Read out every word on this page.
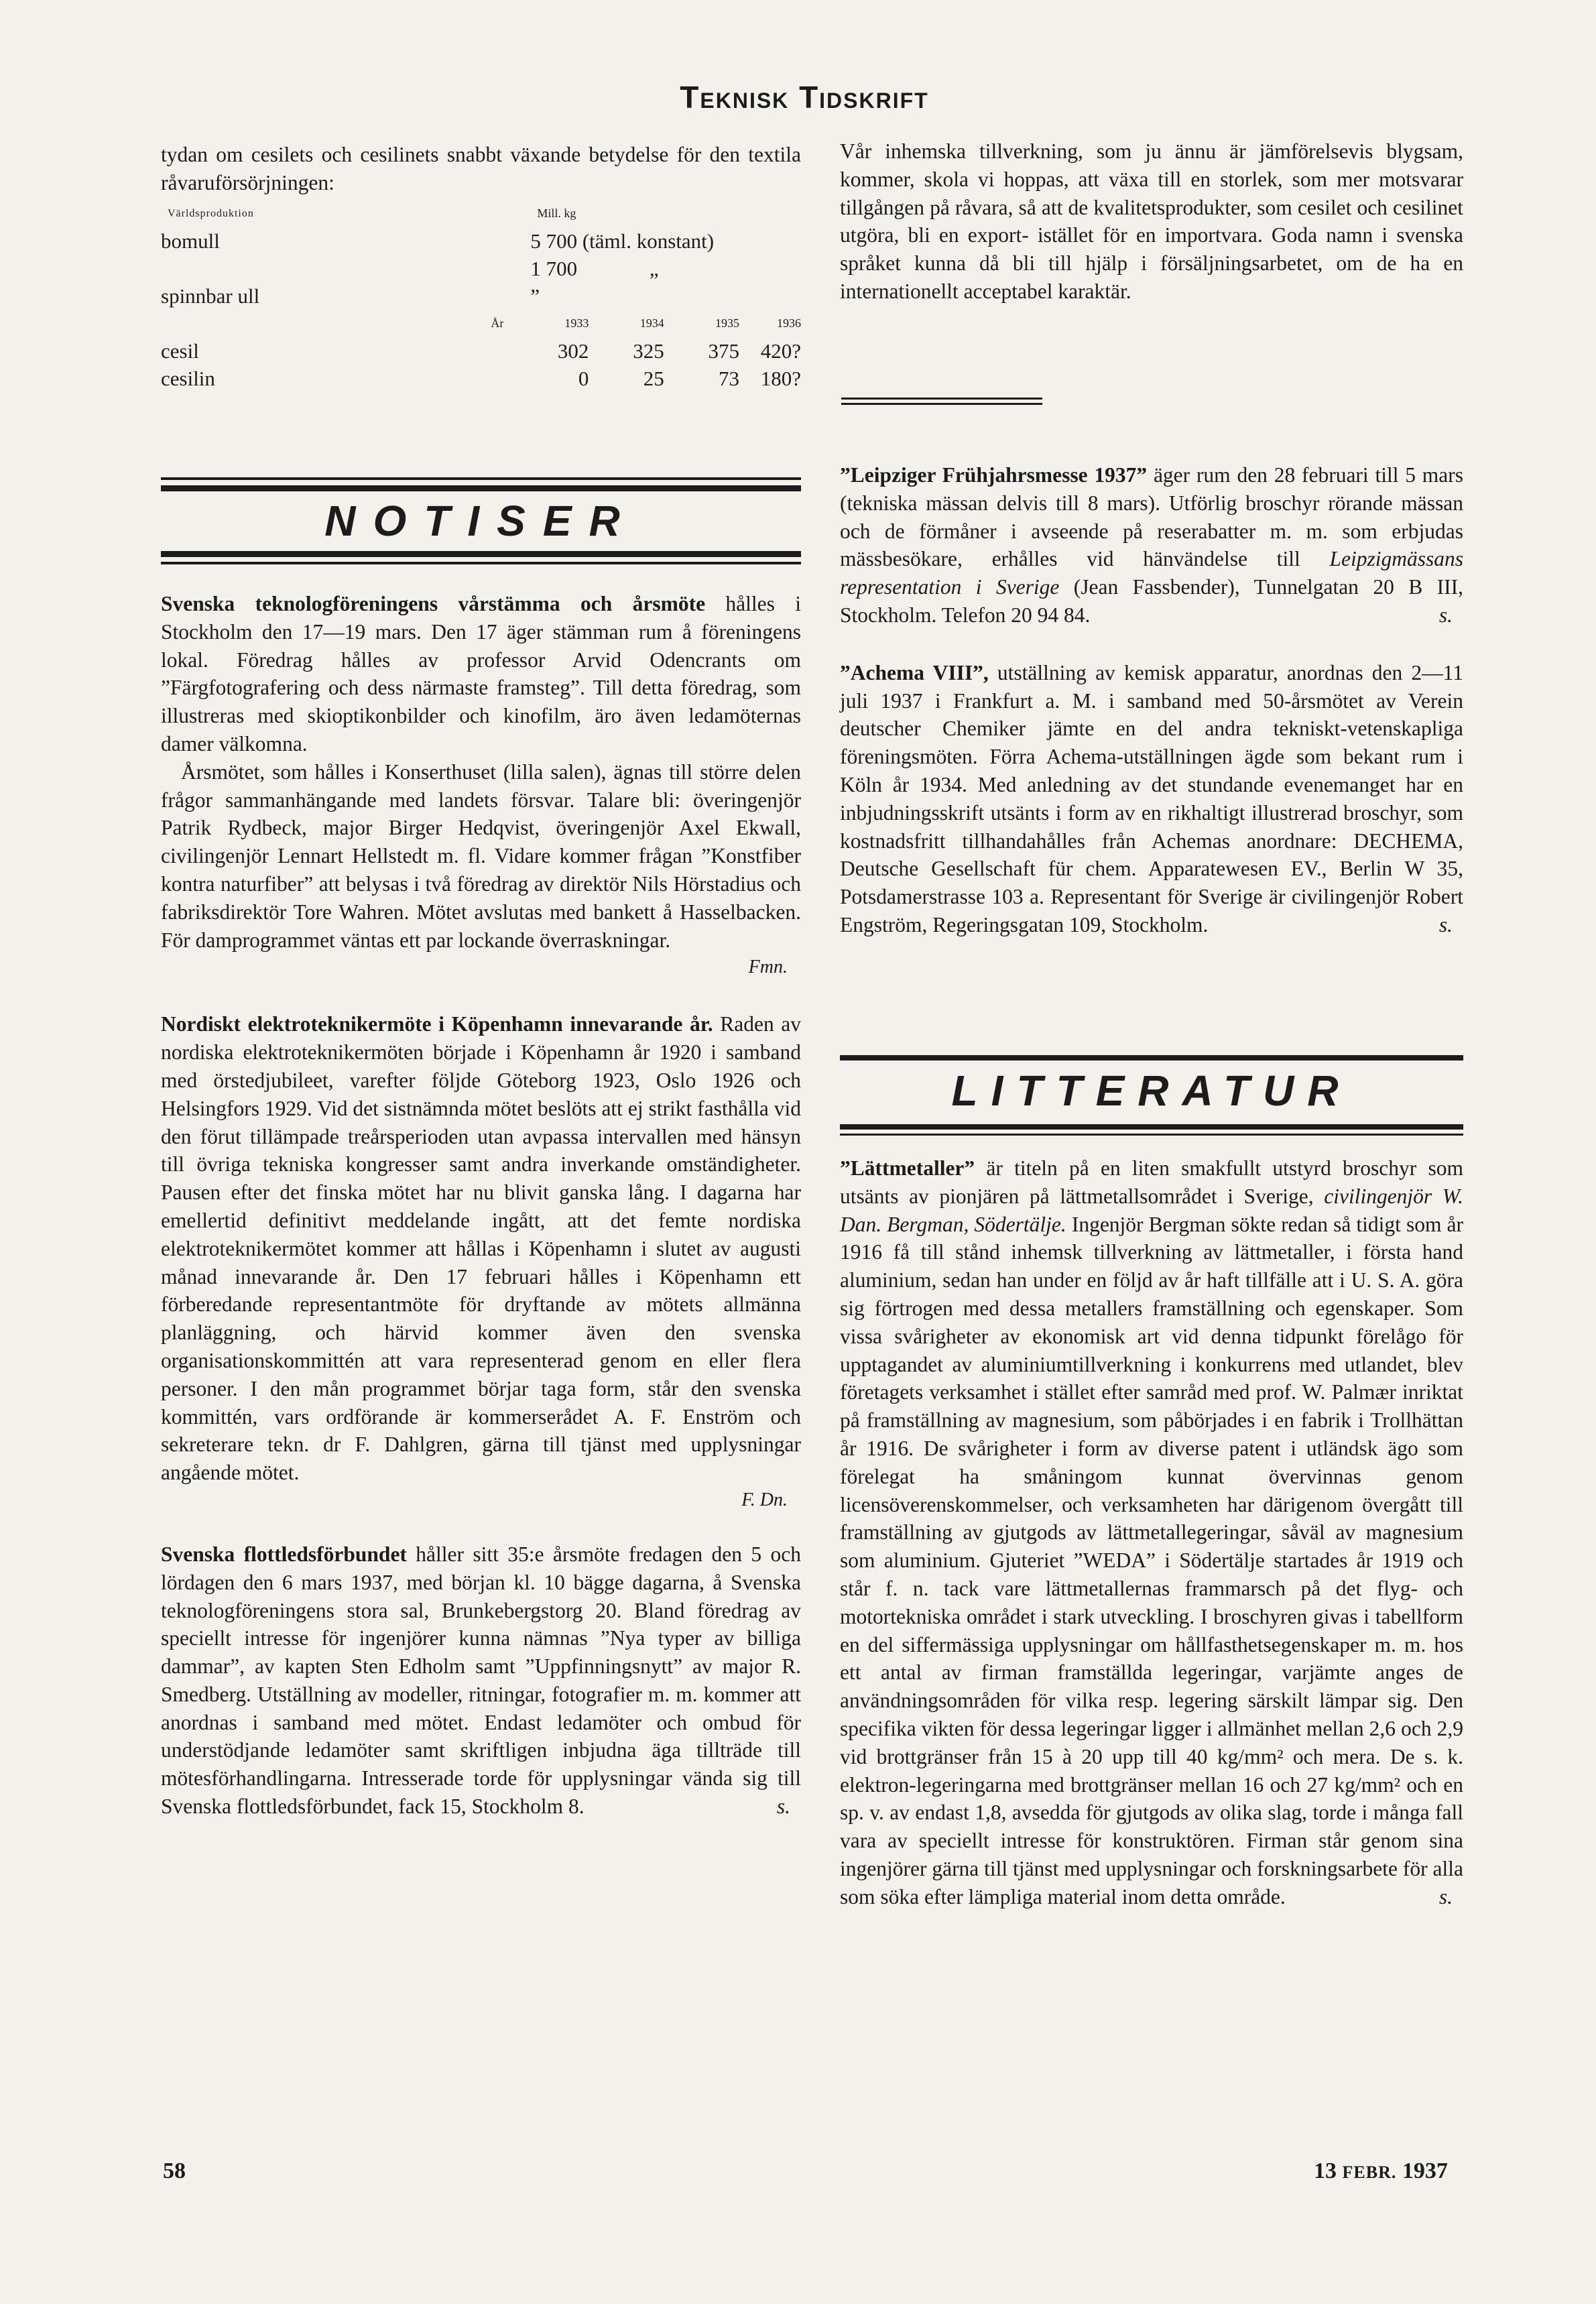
Teknisk Tidskrift

tydan om cesilets och cesilinets snabbt växande betydelse för den textila råvaruförsörjningen:

Världsproduktion	Mill. kg			
bomull	5 700 (täml. konstant)			
spinnbar ull	1 700 „ ”			
År	1933	1934	1935	1936
cesil	302	325	375	420?
cesilin	0	25	73	180?

Vår inhemska tillverkning, som ju ännu är jämförelsevis blygsam, kommer, skola vi hoppas, att växa till en storlek, som mer motsvarar tillgången på råvara, så att de kvalitetsprodukter, som cesilet och cesilinet utgöra, bli en export- istället för en importvara. Goda namn i svenska språket kunna då bli till hjälp i försäljningsarbetet, om de ha en internationellt acceptabel karaktär.

NOTISER

Svenska teknologföreningens vårstämma och årsmöte hålles i Stockholm den 17—19 mars. Den 17 äger stämman rum å föreningens lokal. Föredrag hålles av professor Arvid Odencrants om ”Färgfotografering och dess närmaste framsteg”. Till detta föredrag, som illustreras med skioptikonbilder och kinofilm, äro även ledamöternas damer välkomna.

Årsmötet, som hålles i Konserthuset (lilla salen), ägnas till större delen frågor sammanhängande med landets försvar. Talare bli: överingenjör Patrik Rydbeck, major Birger Hedqvist, överingenjör Axel Ekwall, civilingenjör Lennart Hellstedt m. fl. Vidare kommer frågan ”Konstfiber kontra naturfiber” att belysas i två föredrag av direktör Nils Hörstadius och fabriksdirektör Tore Wahren. Mötet avslutas med bankett å Hasselbacken. För damprogrammet väntas ett par lockande överraskningar.

Fmn.

Nordiskt elektroteknikermöte i Köpenhamn innevarande år. Raden av nordiska elektroteknikermöten började i Köpenhamn år 1920 i samband med örstedjubileet, varefter följde Göteborg 1923, Oslo 1926 och Helsingfors 1929. Vid det sistnämnda mötet beslöts att ej strikt fasthålla vid den förut tillämpade treårsperioden utan avpassa intervallen med hänsyn till övriga tekniska kongresser samt andra inverkande omständigheter. Pausen efter det finska mötet har nu blivit ganska lång. I dagarna har emellertid definitivt meddelande ingått, att det femte nordiska elektroteknikermötet kommer att hållas i Köpenhamn i slutet av augusti månad innevarande år. Den 17 februari hålles i Köpenhamn ett förberedande representantmöte för dryftande av mötets allmänna planläggning, och härvid kommer även den svenska organisationskommittén att vara representerad genom en eller flera personer. I den mån programmet börjar taga form, står den svenska kommittén, vars ordförande är kommerserådet A. F. Enström och sekreterare tekn. dr F. Dahlgren, gärna till tjänst med upplysningar angående mötet.

F. Dn.

Svenska flottledsförbundet håller sitt 35:e årsmöte fredagen den 5 och lördagen den 6 mars 1937, med början kl. 10 bägge dagarna, å Svenska teknologföreningens stora sal, Brunkebergstorg 20. Bland föredrag av speciellt intresse för ingenjörer kunna nämnas ”Nya typer av billiga dammar”, av kapten Sten Edholm samt ”Uppfinningsnytt” av major R. Smedberg. Utställning av modeller, ritningar, fotografier m. m. kommer att anordnas i samband med mötet. Endast ledamöter och ombud för understödjande ledamöter samt skriftligen inbjudna äga tillträde till mötesförhandlingarna. Intresserade torde för upplysningar vända sig till Svenska flottledsförbundet, fack 15, Stockholm 8.	s.

”Leipziger Frühjahrsmesse 1937” äger rum den 28 februari till 5 mars (tekniska mässan delvis till 8 mars). Utförlig broschyr rörande mässan och de förmåner i avseende på reserabatter m. m. som erbjudas mässbesökare, erhålles vid hänvändelse till Leipzigmässans representation i Sverige (Jean Fassbender), Tunnelgatan 20 B III, Stockholm. Telefon 20 94 84.	s.

”Achema VIII”, utställning av kemisk apparatur, anordnas den 2—11 juli 1937 i Frankfurt a. M. i samband med 50-årsmötet av Verein deutscher Chemiker jämte en del andra tekniskt-vetenskapliga föreningsmöten. Förra Achema-utställningen ägde som bekant rum i Köln år 1934. Med anledning av det stundande evenemanget har en inbjudningsskrift utsänts i form av en rikhaltigt illustrerad broschyr, som kostnadsfritt tillhandahålles från Achemas anordnare: DECHEMA, Deutsche Gesellschaft für chem. Apparatewesen EV., Berlin W 35, Potsdamerstrasse 103 a. Representant för Sverige är civilingenjör Robert Engström, Regeringsgatan 109, Stockholm.	s.

LITTERATUR

”Lättmetaller” är titeln på en liten smakfullt utstyrd broschyr som utsänts av pionjären på lättmetallsområdet i Sverige, civilingenjör W. Dan. Bergman, Södertälje. Ingenjör Bergman sökte redan så tidigt som år 1916 få till stånd inhemsk tillverkning av lättmetaller, i första hand aluminium, sedan han under en följd av år haft tillfälle att i U. S. A. göra sig förtrogen med dessa metallers framställning och egenskaper. Som vissa svårigheter av ekonomisk art vid denna tidpunkt förelågo för upptagandet av aluminiumtillverkning i konkurrens med utlandet, blev företagets verksamhet i stället efter samråd med prof. W. Palmær inriktat på framställning av magnesium, som påbörjades i en fabrik i Trollhättan år 1916. De svårigheter i form av diverse patent i utländsk ägo som förelegat ha småningom kunnat övervinnas genom licensöverenskommelser, och verksamheten har därigenom övergått till framställning av gjutgods av lättmetallegeringar, såväl av magnesium som aluminium. Gjuteriet ”WEDA” i Södertälje startades år 1919 och står f. n. tack vare lättmetallernas frammarsch på det flyg- och motortekniska området i stark utveckling. I broschyren givas i tabellform en del siffermässiga upplysningar om hållfasthetsegenskaper m. m. hos ett antal av firman framställda legeringar, varjämte anges de användningsområden för vilka resp. legering särskilt lämpar sig. Den specifika vikten för dessa legeringar ligger i allmänhet mellan 2,6 och 2,9 vid brottgränser från 15 à 20 upp till 40 kg/mm² och mera. De s. k. elektron-legeringarna med brottgränser mellan 16 och 27 kg/mm² och en sp. v. av endast 1,8, avsedda för gjutgods av olika slag, torde i många fall vara av speciellt intresse för konstruktören. Firman står genom sina ingenjörer gärna till tjänst med upplysningar och forskningsarbete för alla som söka efter lämpliga material inom detta område.	s.

58	13 FEBR. 1937
